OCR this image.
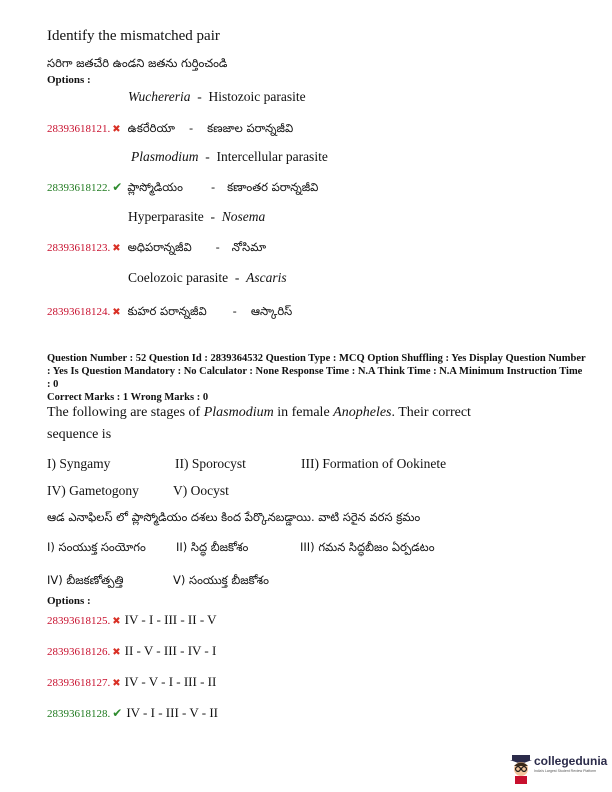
Identify the mismatched pair
సరిగా జతచేరి ఉండని జతను గుర్తించండి
Options :
Wuchereria - Histozoic parasite
28393618121. ✖ ఉకరేరియా - కణజాల పరాన్నజీవి
Plasmodium - Intercellular parasite
28393618122. ✔ ప్లాస్మోడియం - కణాంతర పరాన్నజీవి
Hyperparasite - Nosema
28393618123. ✖ అధిపరాన్నజీవి - నోసిమా
Coelozoic parasite - Ascaris
28393618124. ✖ కుహర పరాన్నజీవి - ఆస్కారిస్
Question Number : 52 Question Id : 2839364532 Question Type : MCQ Option Shuffling : Yes Display Question Number : Yes Is Question Mandatory : No Calculator : None Response Time : N.A Think Time : N.A Minimum Instruction Time : 0
Correct Marks : 1 Wrong Marks : 0
The following are stages of Plasmodium in female Anopheles. Their correct
sequence is
I) Syngamy	II) Sporocyst	III) Formation of Ookinete
IV) Gametogony	V) Oocyst
ఆడ ఎనాఫిలస్ లో ప్లాస్మోడియం దశలు కింద పేర్కొనబడ్డాయి. వాటి సరైన వరస క్రమం
I) సంయుక్త సంయోగం	II) సిద్ధ బీజకోశం	III) గమన సిద్ధబీజం ఏర్పడటం
IV) బీజకణోత్పత్తి	V) సంయుక్త బీజకోశం
Options :
28393618125. ✖ IV - I - III - II - V
28393618126. ✖ II - V - III - IV - I
28393618127. ✖ IV - V - I - III - II
28393618128. ✔ IV - I - III - V - II
collegedunia
India's Largest Student Review Platform
